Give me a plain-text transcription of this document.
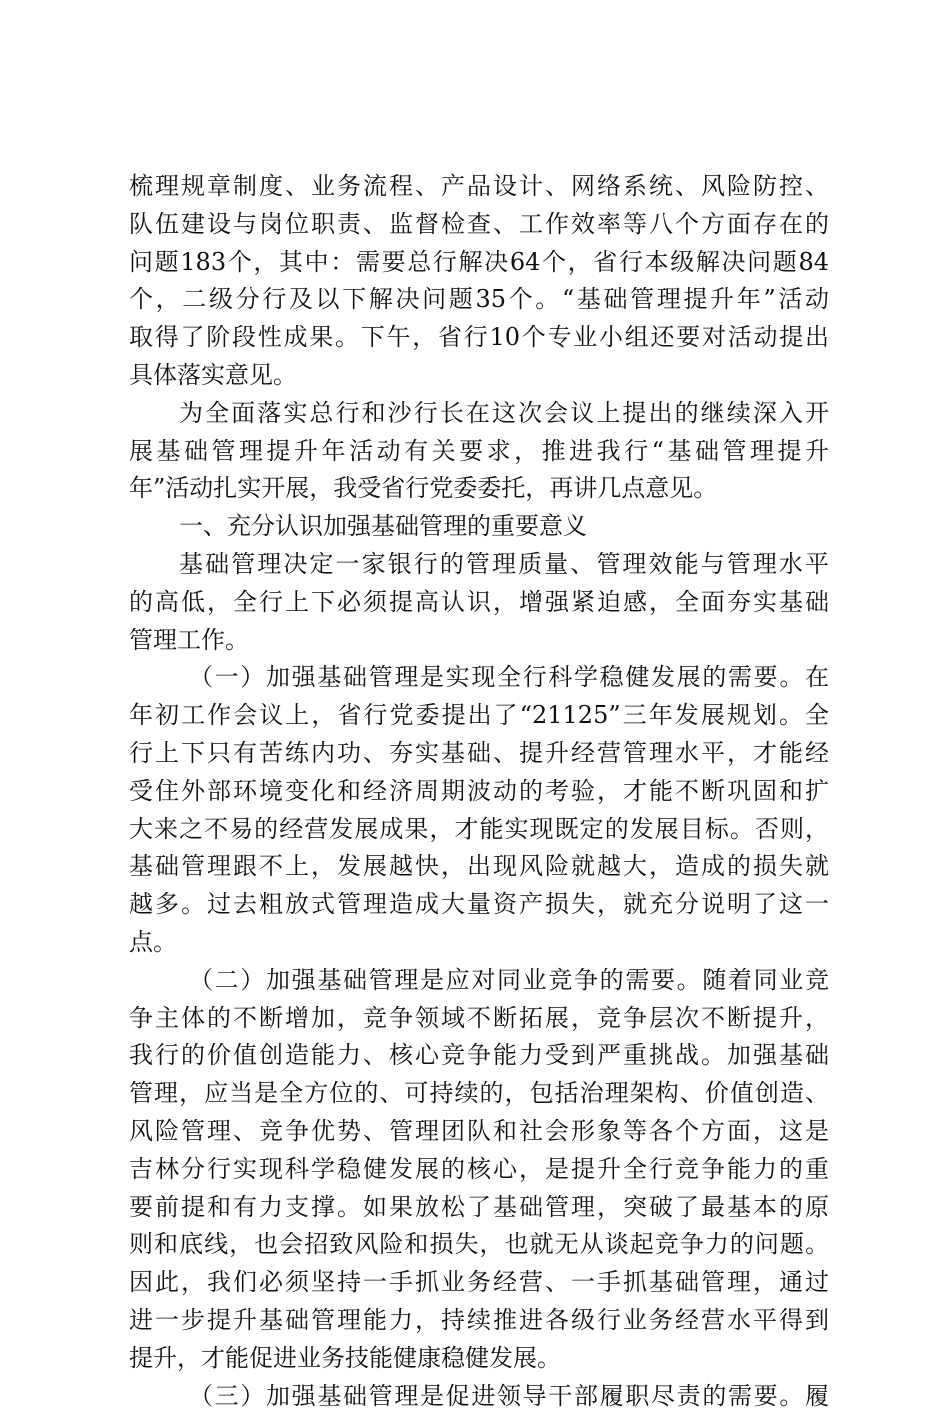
梳理规章制度、业务流程、产品设计、网络系统、风险防控、
队伍建设与岗位职责、监督检查、工作效率等八个方面存在的
问题183个，其中：需要总行解决64个，省行本级解决问题84
个，二级分行及以下解决问题35个。“基础管理提升年”活动
取得了阶段性成果。下午，省行10个专业小组还要对活动提出
具体落实意见。
为全面落实总行和沙行长在这次会议上提出的继续深入开
展基础管理提升年活动有关要求，推进我行“基础管理提升
年”活动扎实开展，我受省行党委委托，再讲几点意见。
一、充分认识加强基础管理的重要意义
基础管理决定一家银行的管理质量、管理效能与管理水平
的高低，全行上下必须提高认识，增强紧迫感，全面夯实基础
管理工作。
（一）加强基础管理是实现全行科学稳健发展的需要。在
年初工作会议上，省行党委提出了“21125”三年发展规划。全
行上下只有苦练内功、夯实基础、提升经营管理水平，才能经
受住外部环境变化和经济周期波动的考验，才能不断巩固和扩
大来之不易的经营发展成果，才能实现既定的发展目标。否则，
基础管理跟不上，发展越快，出现风险就越大，造成的损失就
越多。过去粗放式管理造成大量资产损失，就充分说明了这一
点。
（二）加强基础管理是应对同业竞争的需要。随着同业竞
争主体的不断增加，竞争领域不断拓展，竞争层次不断提升，
我行的价值创造能力、核心竞争能力受到严重挑战。加强基础
管理，应当是全方位的、可持续的，包括治理架构、价值创造、
风险管理、竞争优势、管理团队和社会形象等各个方面，这是
吉林分行实现科学稳健发展的核心，是提升全行竞争能力的重
要前提和有力支撑。如果放松了基础管理，突破了最基本的原
则和底线，也会招致风险和损失，也就无从谈起竞争力的问题。
因此，我们必须坚持一手抓业务经营、一手抓基础管理，通过
进一步提升基础管理能力，持续推进各级行业务经营水平得到
提升，才能促进业务技能健康稳健发展。
（三）加强基础管理是促进领导干部履职尽责的需要。履
